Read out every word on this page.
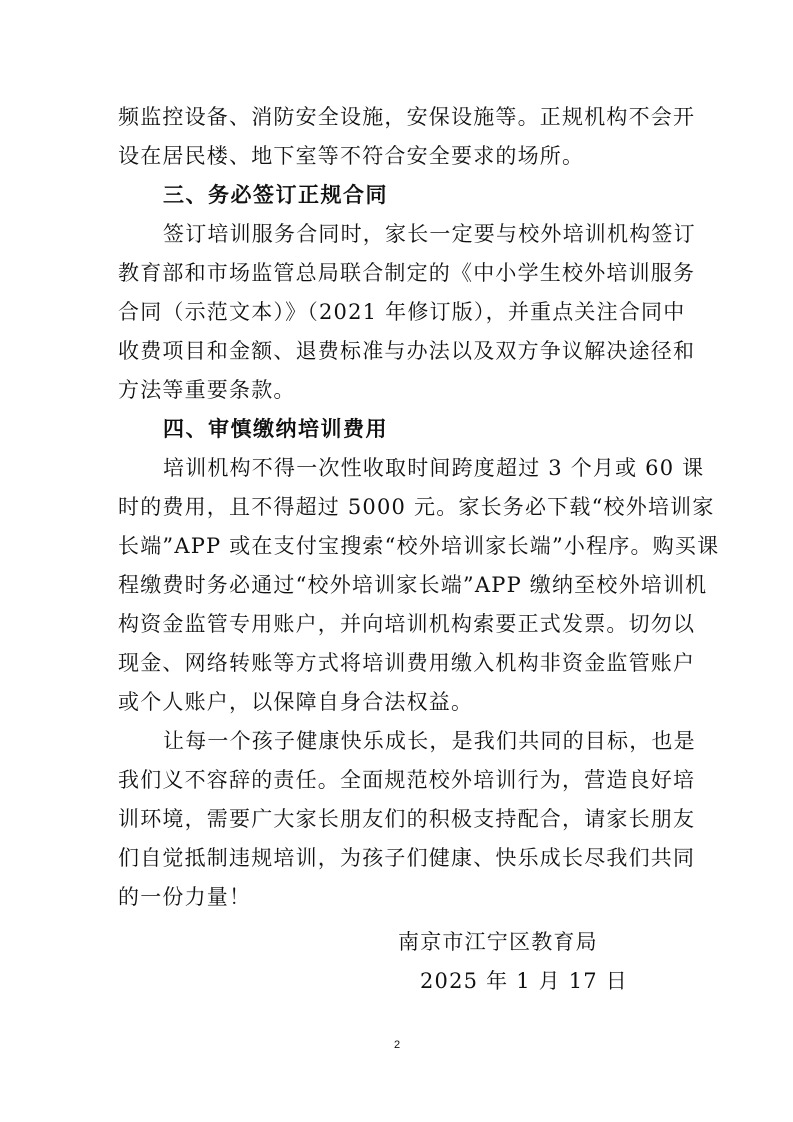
频监控设备、消防安全设施，安保设施等。正规机构不会开
设在居民楼、地下室等不符合安全要求的场所。
三、务必签订正规合同
签订培训服务合同时，家长一定要与校外培训机构签订
教育部和市场监管总局联合制定的《中小学生校外培训服务
合同（示范文本）》（2021 年修订版），并重点关注合同中
收费项目和金额、退费标准与办法以及双方争议解决途径和
方法等重要条款。
四、审慎缴纳培训费用
培训机构不得一次性收取时间跨度超过 3 个月或 60 课
时的费用，且不得超过 5000 元。家长务必下载“校外培训家
长端”APP 或在支付宝搜索“校外培训家长端”小程序。购买课
程缴费时务必通过“校外培训家长端”APP 缴纳至校外培训机
构资金监管专用账户，并向培训机构索要正式发票。切勿以
现金、网络转账等方式将培训费用缴入机构非资金监管账户
或个人账户，以保障自身合法权益。
让每一个孩子健康快乐成长，是我们共同的目标，也是
我们义不容辞的责任。全面规范校外培训行为，营造良好培
训环境，需要广大家长朋友们的积极支持配合，请家长朋友
们自觉抵制违规培训，为孩子们健康、快乐成长尽我们共同
的一份力量！
南京市江宁区教育局
2025 年 1 月 17 日
2
